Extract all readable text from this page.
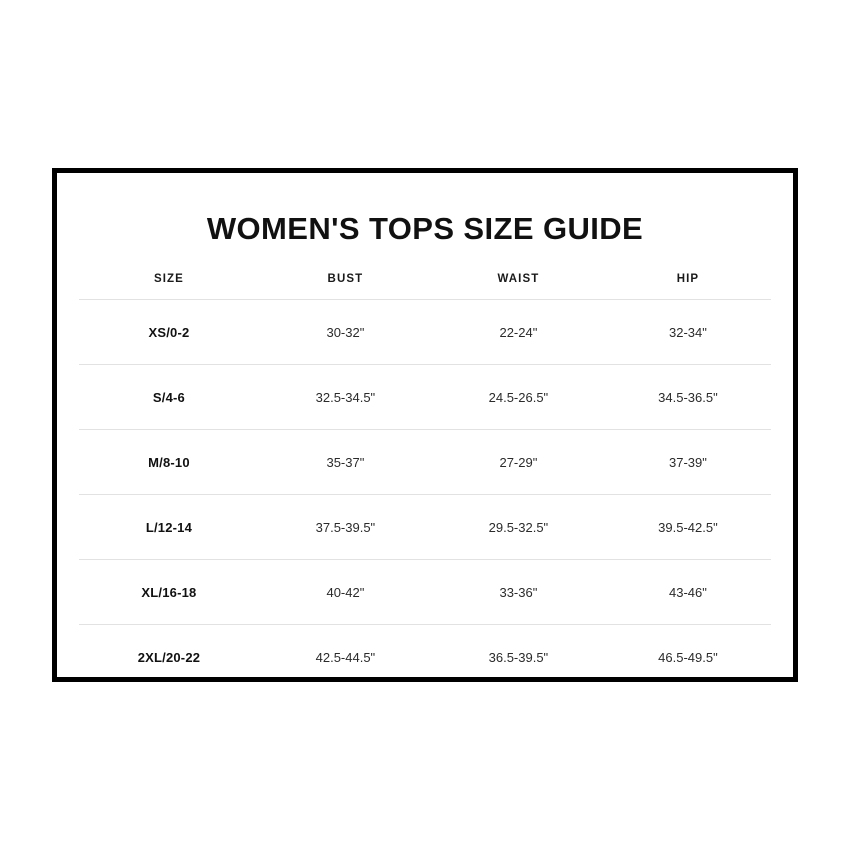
WOMEN'S TOPS SIZE GUIDE
SIZE	BUST	WAIST	HIP
XS/0-2	30-32"	22-24"	32-34"
S/4-6	32.5-34.5"	24.5-26.5"	34.5-36.5"
M/8-10	35-37"	27-29"	37-39"
L/12-14	37.5-39.5"	29.5-32.5"	39.5-42.5"
XL/16-18	40-42"	33-36"	43-46"
2XL/20-22	42.5-44.5"	36.5-39.5"	46.5-49.5"
